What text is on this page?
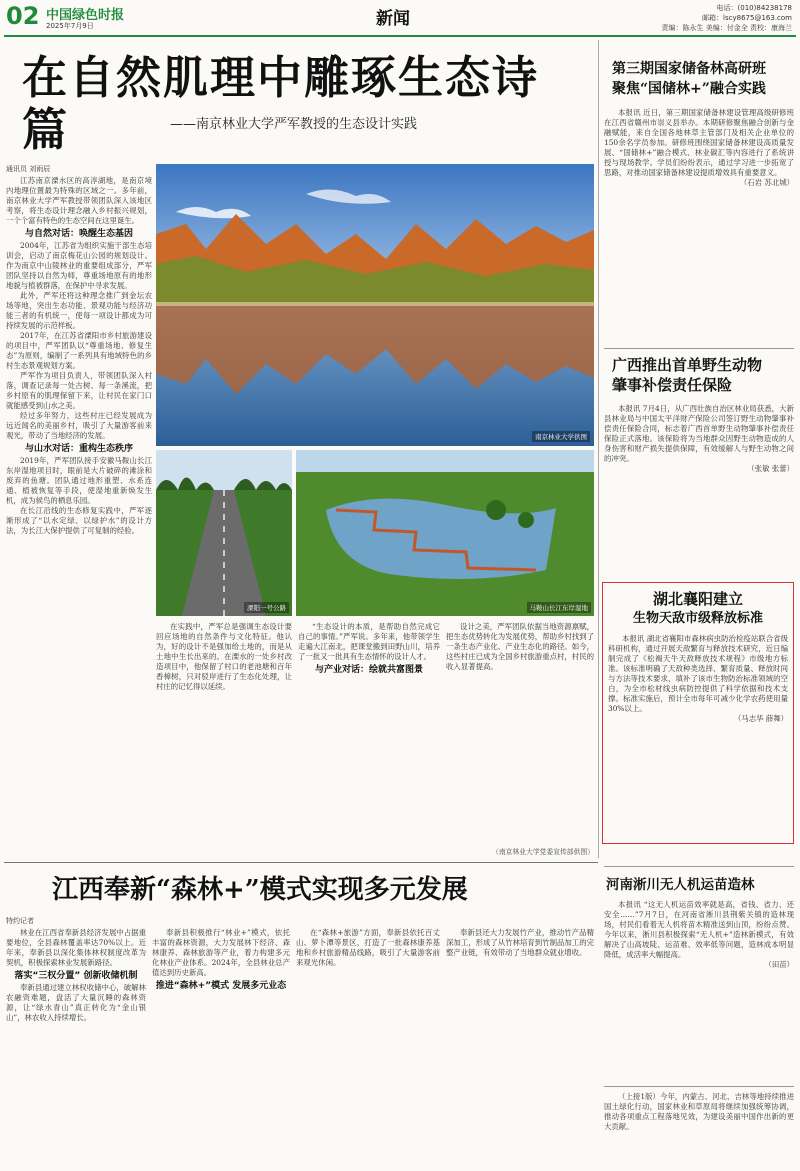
02 中国绿色时报
2025年7月9日	新闻
电话：(010)84238178
邮箱：lscy8675@163.com
责编：陈永生 美编：付金全 责校：康海兰
在自然肌理中雕琢生态诗篇	——南京林业大学严军教授的生态设计实践
通讯员 刘雨辰

江苏南京溧水区的高淳湖地，是南京境内地理位置最为特殊的区域之一。多年前，南京林业大学严军教授带领团队深入该地区考察，将生态设计理念融入乡村振兴规划，一个个富有特色的生态空间在这里诞生。

与自然对话：唤醒生态基因

2004年，江苏省为组织实施干部生态培训会，启动了南京梅花山公园的规划设计。作为南京中山陵林业的重要组成部分，严军团队坚持以自然为师，尊重场地原有的地形地貌与植被群落，在保护中寻求发展。

此外，严军还将这种理念推广到金坛农场等地，突出生态功能、景观功能与经济功能三者的有机统一，使每一项设计都成为可持续发展的示范样板。

2017年，在江苏省溧阳市乡村旅游建设的项目中，严军团队以“尊重场地、修复生态”为原则，编制了一系列具有地域特色的乡村生态景观规划方案。

严军作为项目负责人，带领团队深入村落，调查记录每一处古树、每一条溪流，把乡村原有的肌理保留下来，让村民在家门口就能感受到山水之美。

经过多年努力，这些村庄已经发展成为远近闻名的美丽乡村，吸引了大量游客前来观光，带动了当地经济的发展。

与山水对话：重构生态秩序

2019年，严军团队接手安徽马鞍山长江东岸湿地项目时，眼前是大片破碎的滩涂和废弃的鱼塘。团队通过地形重塑、水系连通、植被恢复等手段，使湿地重新焕发生机，成为候鸟的栖息乐园。

在长江沿线的生态修复实践中，严军逐渐形成了“以水定绿、以绿护水”的设计方法，为长江大保护提供了可复制的经验。

南京林业大学供图
溧阳一号公路	马鞍山长江东岸湿地

在实践中，严军总是强调生态设计要回应场地的自然条件与文化特征。他认为，好的设计不是强加给土地的，而是从土地中生长出来的。在溧水的一处乡村改造项目中，他保留了村口的老池塘和百年香樟树，只对驳岸进行了生态化处理，让村庄的记忆得以延续。

“生态设计的本质，是帮助自然完成它自己的事情。”严军说。多年来，他带领学生走遍大江南北，把课堂搬到田野山川，培养了一批又一批具有生态情怀的设计人才。

与产业对话：绘就共富图景

设计之美，严军团队依据当地资源禀赋，把生态优势转化为发展优势，帮助乡村找到了一条生态产业化、产业生态化的路径。如今，这些村庄已成为全国乡村旅游重点村，村民的收入显著提高。

（南京林业大学党委宣传部供图）
第三期国家储备林高研班
聚焦“国储林+”融合实践

本报讯 近日，第三期国家储备林建设管理高级研修班在江西省赣州市崇义县举办。本期研修聚焦融合创新与金融赋能，来自全国各地林草主管部门及相关企业单位的150余名学员参加。研修班围绕国家储备林建设高质量发展、“国储林+”融合模式、林业碳汇等内容进行了系统讲授与现场教学。学员们纷纷表示，通过学习进一步拓宽了思路，对推动国家储备林建设提质增效具有重要意义。

（石岩 苏北城）
广西推出首单野生动物
肇事补偿责任保险

本报讯 7月4日，从广西壮族自治区林业局获悉，大新县林业局与中国太平洋财产保险公司签订野生动物肇事补偿责任保险合同，标志着广西首单野生动物肇事补偿责任保险正式落地。该保险将为当地群众因野生动物造成的人身伤害和财产损失提供保障，有效缓解人与野生动物之间的冲突。

（张敏 张蕾）
湖北襄阳建立
生物天敌市级释放标准

本报讯 湖北省襄阳市森林病虫防治检疫站联合省级科研机构，通过开展天敌繁育与释放技术研究，近日编制完成了《松褐天牛天敌释放技术规程》市级地方标准。该标准明确了天敌种类选择、繁育质量、释放时间与方法等技术要求，填补了该市生物防治标准领域的空白，为全市松材线虫病防控提供了科学依据和技术支撑。标准实施后，预计全市每年可减少化学农药使用量30%以上。

（马志华 薛舞）
江西奉新“森林+”模式实现多元发展
特约记者

林业在江西省奉新县经济发展中占据重要地位，全县森林覆盖率达70%以上。近年来，奉新县以深化集体林权制度改革为契机，积极探索林业发展新路径。

落实“三权分置” 创新收储机制

奉新县通过建立林权收储中心，破解林农融资难题，盘活了大量沉睡的森林资源，让“绿水青山”真正转化为“金山银山”，林农收入持续增长。

奉新县积极推行“林业+”模式，依托丰富的森林资源，大力发展林下经济、森林康养、森林旅游等产业，着力构建多元化林业产业体系。2024年，全县林业总产值达到历史新高。

推进“森林+”模式 发展多元业态

在“森林+旅游”方面，奉新县依托百丈山、萝卜潭等景区，打造了一批森林康养基地和乡村旅游精品线路，吸引了大量游客前来观光休闲。

奉新县还大力发展竹产业，推动竹产品精深加工，形成了从竹林培育到竹制品加工的完整产业链，有效带动了当地群众就业增收。

河南淅川无人机运苗造林

本报讯 “这无人机运苗效率就是高，省钱、省力、还安全……”7月7日，在河南省淅川县荆紫关镇的造林现场，村民们看着无人机将苗木精准送到山顶，纷纷点赞。今年以来，淅川县积极探索“无人机+”造林新模式，有效解决了山高坡陡、运苗难、效率低等问题，造林成本明显降低，成活率大幅提高。

（田苗）

（上接1版）今年，内蒙古、河北、吉林等地持续推进国土绿化行动，国家林业和草原局将继续加强统筹协调，推动各项重点工程落地见效，为建设美丽中国作出新的更大贡献。
